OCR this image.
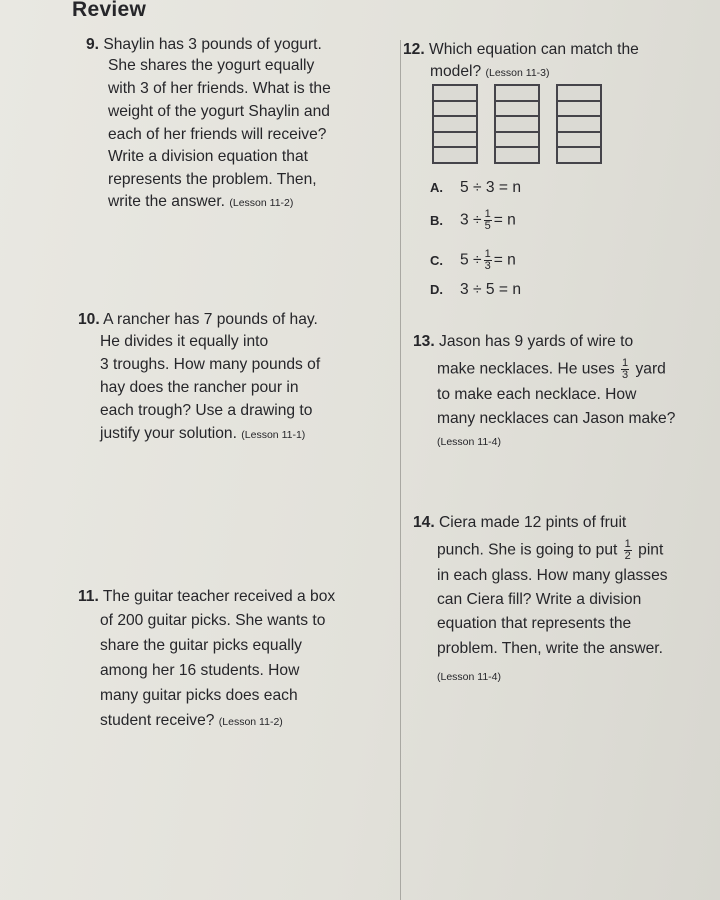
Review
9. Shaylin has 3 pounds of yogurt.
She shares the yogurt equally
with 3 of her friends. What is the
weight of the yogurt Shaylin and
each of her friends will receive?
Write a division equation that
represents the problem. Then,
write the answer. (Lesson 11-2)
10. A rancher has 7 pounds of hay.
He divides it equally into
3 troughs. How many pounds of
hay does the rancher pour in
each trough? Use a drawing to
justify your solution. (Lesson 11-1)
11. The guitar teacher received a box
of 200 guitar picks. She wants to
share the guitar picks equally
among her 16 students. How
many guitar picks does each
student receive? (Lesson 11-2)
12. Which equation can match the
model? (Lesson 11-3)
A. 5 ÷ 3 = n
B. $3 \div \frac{1}{5} = n$
C. $5 \div \frac{1}{3} = n$
D. 3 ÷ 5 = n
13. Jason has 9 yards of wire to
make necklaces. He uses $\frac{1}{3}$ yard
to make each necklace. How
many necklaces can Jason make?
(Lesson 11-4)
14. Ciera made 12 pints of fruit
punch. She is going to put $\frac{1}{2}$ pint
in each glass. How many glasses
can Ciera fill? Write a division
equation that represents the
problem. Then, write the answer.
(Lesson 11-4)
